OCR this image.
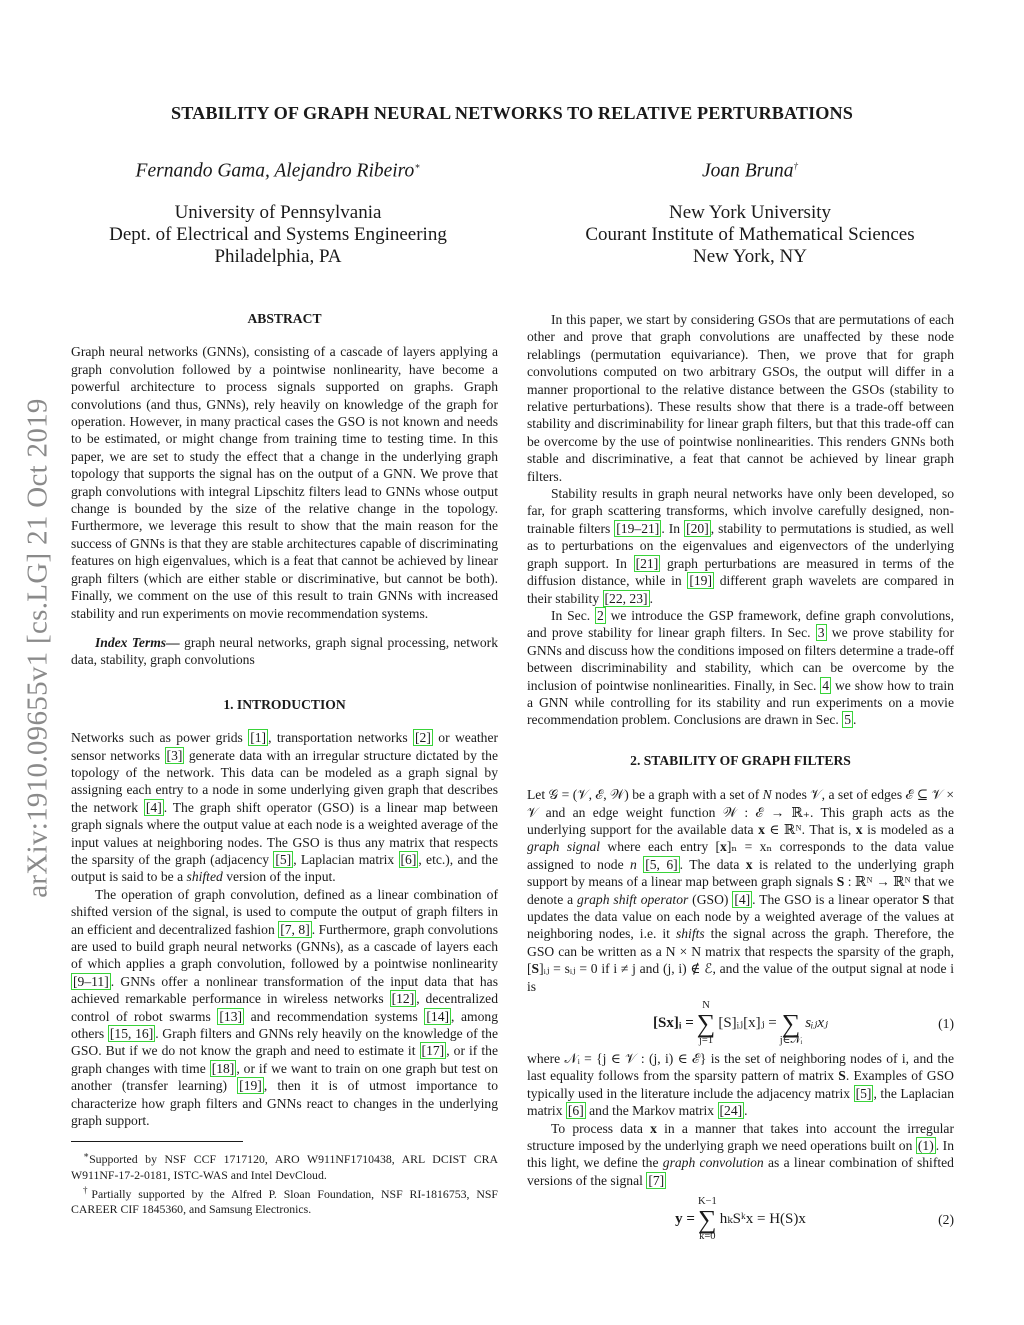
arXiv:1910.09655v1 [cs.LG] 21 Oct 2019
STABILITY OF GRAPH NEURAL NETWORKS TO RELATIVE PERTURBATIONS
Fernando Gama, Alejandro Ribeiro∗
University of Pennsylvania
Dept. of Electrical and Systems Engineering
Philadelphia, PA
Joan Bruna†
New York University
Courant Institute of Mathematical Sciences
New York, NY

ABSTRACT

Graph neural networks (GNNs), consisting of a cascade of layers applying a graph convolution followed by a pointwise nonlinearity, have become a powerful architecture to process signals supported on graphs. Graph convolutions (and thus, GNNs), rely heavily on knowledge of the graph for operation. However, in many practical cases the GSO is not known and needs to be estimated, or might change from training time to testing time. In this paper, we are set to study the effect that a change in the underlying graph topology that supports the signal has on the output of a GNN. We prove that graph convolutions with integral Lipschitz filters lead to GNNs whose output change is bounded by the size of the relative change in the topology. Furthermore, we leverage this result to show that the main reason for the success of GNNs is that they are stable architectures capable of discriminating features on high eigenvalues, which is a feat that cannot be achieved by linear graph filters (which are either stable or discriminative, but cannot be both). Finally, we comment on the use of this result to train GNNs with increased stability and run experiments on movie recommendation systems.

Index Terms— graph neural networks, graph signal processing, network data, stability, graph convolutions

1. INTRODUCTION

Networks such as power grids [1] , transportation networks [2] or weather sensor networks [3] generate data with an irregular structure dictated by the topology of the network. This data can be modeled as a graph signal by assigning each entry to a node in some underlying given graph that describes the network [4] . The graph shift operator (GSO) is a linear map between graph signals where the output value at each node is a weighted average of the input values at neighboring nodes. The GSO is thus any matrix that respects the sparsity of the graph (adjacency [5] , Laplacian matrix [6] , etc.), and the output is said to be a shifted version of the input.

The operation of graph convolution, defined as a linear combination of shifted version of the signal, is used to compute the output of graph filters in an efficient and decentralized fashion [7, 8] . Furthermore, graph convolutions are used to build graph neural networks (GNNs), as a cascade of layers each of which applies a graph convolution, followed by a pointwise nonlinearity [9–11] . GNNs offer a nonlinear transformation of the input data that has achieved remarkable performance in wireless networks [12] , decentralized control of robot swarms [13] and recommendation systems [14] , among others [15, 16] . Graph filters and GNNs rely heavily on the knowledge of the GSO. But if we do not know the graph and need to estimate it [17] , or if the graph changes with time [18] , or if we want to train on one graph but test on another (transfer learning) [19] , then it is of utmost importance to characterize how graph filters and GNNs react to changes in the underlying graph support.

∗Supported by NSF CCF 1717120, ARO W911NF1710438, ARL DCIST CRA W911NF-17-2-0181, ISTC-WAS and Intel DevCloud.

†Partially supported by the Alfred P. Sloan Foundation, NSF RI-1816753, NSF CAREER CIF 1845360, and Samsung Electronics.

In this paper, we start by considering GSOs that are permutations of each other and prove that graph convolutions are unaffected by these node relablings (permutation equivariance). Then, we prove that for graph convolutions computed on two arbitrary GSOs, the output will differ in a manner proportional to the relative distance between the GSOs (stability to relative perturbations). These results show that there is a trade-off between stability and discriminability for linear graph filters, but that this trade-off can be overcome by the use of pointwise nonlinearities. This renders GNNs both stable and discriminative, a feat that cannot be achieved by linear graph filters.

Stability results in graph neural networks have only been developed, so far, for graph scattering transforms, which involve carefully designed, non-trainable filters [19–21] . In [20] , stability to permutations is studied, as well as to perturbations on the eigenvalues and eigenvectors of the underlying graph support. In [21] graph perturbations are measured in terms of the diffusion distance, while in [19] different graph wavelets are compared in their stability [22, 23] .

In Sec. 2 we introduce the GSP framework, define graph convolutions, and prove stability for linear graph filters. In Sec. 3 we prove stability for GNNs and discuss how the conditions imposed on filters determine a trade-off between discriminability and stability, which can be overcome by the inclusion of pointwise nonlinearities. Finally, in Sec. 4 we show how to train a GNN while controlling for its stability and run experiments on a movie recommendation problem. Conclusions are drawn in Sec. 5 .

2. STABILITY OF GRAPH FILTERS

Let 𝒢 = (𝒱, ℰ, 𝒲) be a graph with a set of N nodes 𝒱, a set of edges ℰ ⊆ 𝒱 × 𝒱 and an edge weight function 𝒲 : ℰ → ℝ₊. This graph acts as the underlying support for the available data x ∈ ℝᴺ. That is, x is modeled as a graph signal where each entry [x]ₙ = xₙ corresponds to the data value assigned to node n [5, 6] . The data x is related to the underlying graph support by means of a linear map between graph signals S : ℝᴺ → ℝᴺ that we denote a graph shift operator (GSO) [4] . The GSO is a linear operator S that updates the data value on each node by a weighted average of the values at neighboring nodes, i.e. it shifts the signal across the graph. Therefore, the GSO can be written as a N × N matrix that respects the sparsity of the graph, [S]ᵢⱼ = sᵢⱼ = 0 if i ≠ j and (j, i) ∉ ℰ, and the value of the output signal at node i is

[Sx]ᵢ =
N
∑
j=1
[S]ᵢⱼ[x]ⱼ =
∑
j∈𝒩ᵢ
sᵢⱼxⱼ	(1)

where 𝒩ᵢ = {j ∈ 𝒱 : (j, i) ∈ ℰ} is the set of neighboring nodes of i, and the last equality follows from the sparsity pattern of matrix S. Examples of GSO typically used in the literature include the adjacency matrix [5] , the Laplacian matrix [6] and the Markov matrix [24] .

To process data x in a manner that takes into account the irregular structure imposed by the underlying graph we need operations built on (1) . In this light, we define the graph convolution as a linear combination of shifted versions of the signal [7]

y =
K−1
∑
k=0
hₖSᵏx = H(S)x	(2)
